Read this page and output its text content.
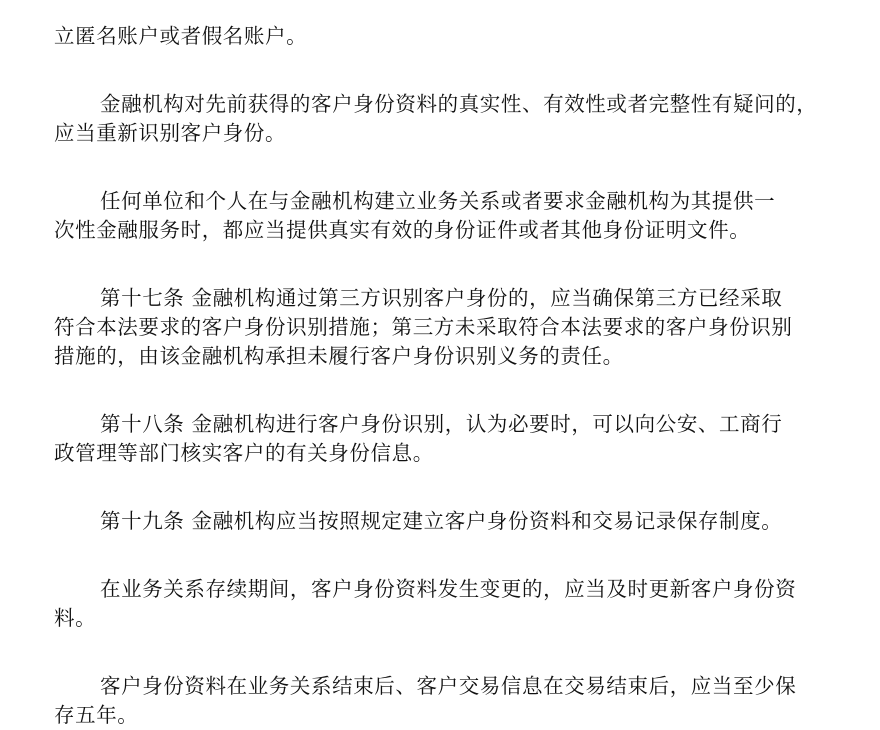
立匿名账户或者假名账户。

金融机构对先前获得的客户身份资料的真实性、有效性或者完整性有疑问的，
应当重新识别客户身份。

任何单位和个人在与金融机构建立业务关系或者要求金融机构为其提供一
次性金融服务时，都应当提供真实有效的身份证件或者其他身份证明文件。

第十七条 金融机构通过第三方识别客户身份的，应当确保第三方已经采取
符合本法要求的客户身份识别措施；第三方未采取符合本法要求的客户身份识别
措施的，由该金融机构承担未履行客户身份识别义务的责任。

第十八条 金融机构进行客户身份识别，认为必要时，可以向公安、工商行
政管理等部门核实客户的有关身份信息。

第十九条 金融机构应当按照规定建立客户身份资料和交易记录保存制度。

在业务关系存续期间，客户身份资料发生变更的，应当及时更新客户身份资
料。

客户身份资料在业务关系结束后、客户交易信息在交易结束后，应当至少保
存五年。
